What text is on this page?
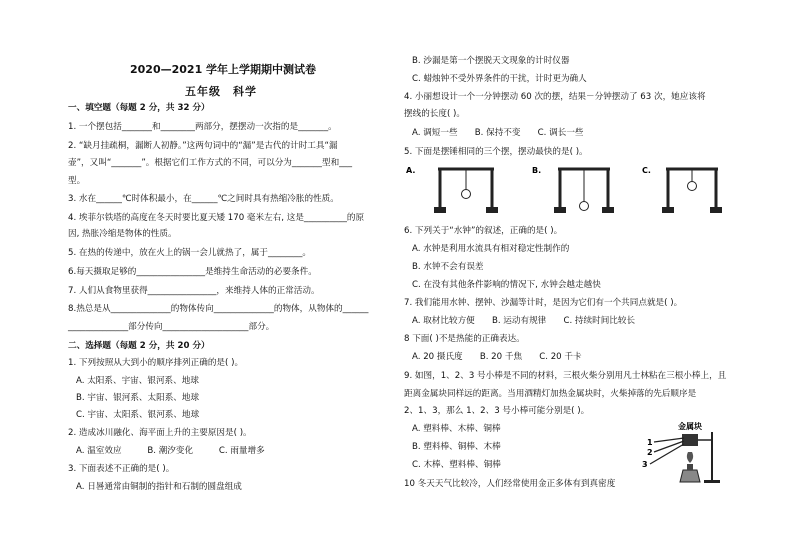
2020—2021 学年上学期期中测试卷
五年级　科学
一、填空题（每题 2 分，共 32 分）
1. 一个摆包括_______和________两部分，摆摆动一次指的是_______。
2. “缺月挂疏桐，漏断人初静。”这两句词中的“漏”是古代的计时工具“漏
壶”，又叫“_______”。根据它们工作方式的不同，可以分为_______型和___
型。
3. 水在______℃时体积最小，在______℃之间时具有热缩冷胀的性质。
4. 埃菲尔铁塔的高度在冬天时要比夏天矮 170 毫米左右, 这是__________的原
因, 热胀冷缩是物体的性质。
5. 在热的传递中，放在火上的锅一会儿就热了，属于________。
6.每天摄取足够的________________是维持生命活动的必要条件。
7. 人们从食物里获得________________，来维持人体的正常活动。
8.热总是从______________的物体传向______________的物体，从物体的______
______________部分传向____________________部分。
二、选择题（每题 2 分，共 20 分）
1. 下列按照从大到小的顺序排列正确的是( )。
A. 太阳系、宇宙、银河系、地球
B. 宇宙、银河系、太阳系、地球
C. 宇宙、太阳系、银河系、地球
2. 造成冰川融化、海平面上升的主要原因是( )。
A. 温室效应　　　B. 潮汐变化　　　C. 雨量增多
3. 下面表述不正确的是( )。
A. 日晷通常由铜制的指针和石制的圆盘组成
B. 沙漏是第一个摆脱天文现象的计时仪器
C. 蜡烛钟不受外界条件的干扰，计时更为确人
4. 小丽想设计一个一分钟摆动 60 次的摆，结果－分钟摆动了 63 次，她应该将
摆线的长度( )。
A. 调短一些　　B. 保持不变　　C. 调长一些
5. 下面是摆锤相同的三个摆，摆动最快的是( )。
A.	B.	C.
6. 下列关于“水钟”的叙述，正确的是( )。
A. 水钟是利用水流具有相对稳定性制作的
B. 水钟不会有误差
C. 在没有其他条件影响的情况下, 水钟会越走越快
7. 我们能用水钟、摆钟、沙漏等计时，是因为它们有一个共同点就是( )。
A. 取材比较方便　　B. 运动有规律　　C. 持续时间比较长
8 下面( )不是热能的正确表达。
A. 20 摄氏度　　B. 20 千焦　　C. 20 千卡
9. 如图，1、2、3 号小棒是不同的材料，三根火柴分别用凡士林粘在三根小棒上，且
距离金属块同样远的距离。当用酒精灯加热金属块时，火柴掉落的先后顺序是
2、1、3，那么 1、2、3 号小棒可能分别是( )。
A. 塑料棒、木棒、铜棒
B. 塑料棒、铜棒、木棒
C. 木棒、塑料棒、铜棒
10 冬天天气比较冷，人们经常使用金正多体有到真密度
金属块
1
2
3
